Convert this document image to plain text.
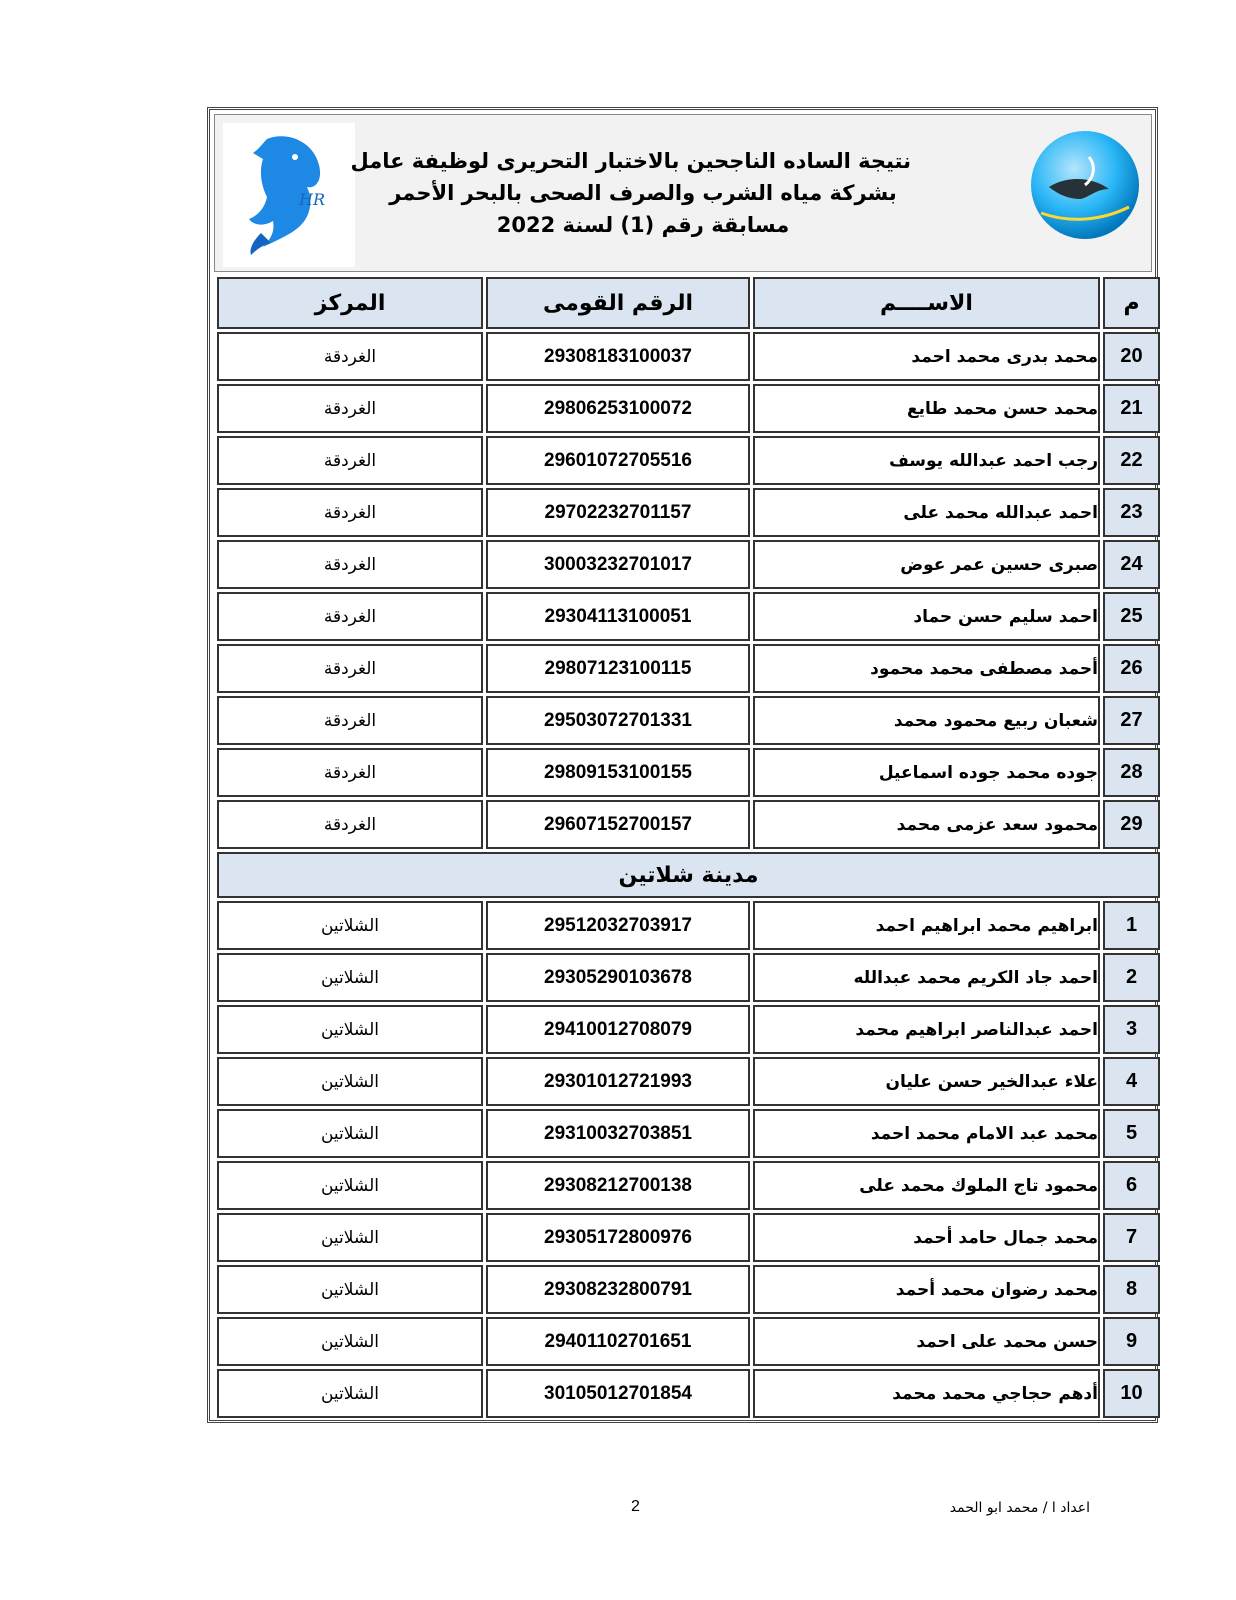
HR
نتيجة الساده الناجحين بالاختبار التحريرى لوظيفة عامل
بشركة مياه الشرب والصرف الصحى بالبحر الأحمر
مسابقة رقم (1) لسنة 2022
المركز	الرقم القومى	الاســــم	م
الغردقة	29308183100037	محمد بدرى محمد احمد	20
الغردقة	29806253100072	محمد حسن محمد طايع	21
الغردقة	29601072705516	رجب احمد عبدالله يوسف	22
الغردقة	29702232701157	احمد عبدالله محمد على	23
الغردقة	30003232701017	صبرى حسين عمر عوض	24
الغردقة	29304113100051	احمد سليم حسن حماد	25
الغردقة	29807123100115	أحمد مصطفى محمد محمود	26
الغردقة	29503072701331	شعبان ربيع محمود محمد	27
الغردقة	29809153100155	جوده محمد جوده اسماعيل	28
الغردقة	29607152700157	محمود سعد عزمى محمد	29
مدينة شلاتين			
الشلاتين	29512032703917	ابراهيم محمد ابراهيم احمد	1
الشلاتين	29305290103678	احمد جاد الكريم محمد عبدالله	2
الشلاتين	29410012708079	احمد عبدالناصر ابراهيم محمد	3
الشلاتين	29301012721993	علاء عبدالخير حسن عليان	4
الشلاتين	29310032703851	محمد عبد الامام محمد احمد	5
الشلاتين	29308212700138	محمود تاج الملوك محمد على	6
الشلاتين	29305172800976	محمد جمال حامد أحمد	7
الشلاتين	29308232800791	محمد رضوان محمد أحمد	8
الشلاتين	29401102701651	حسن محمد على احمد	9
الشلاتين	30105012701854	أدهم حجاجي محمد محمد	10
2	اعداد ا / محمد ابو الحمد
